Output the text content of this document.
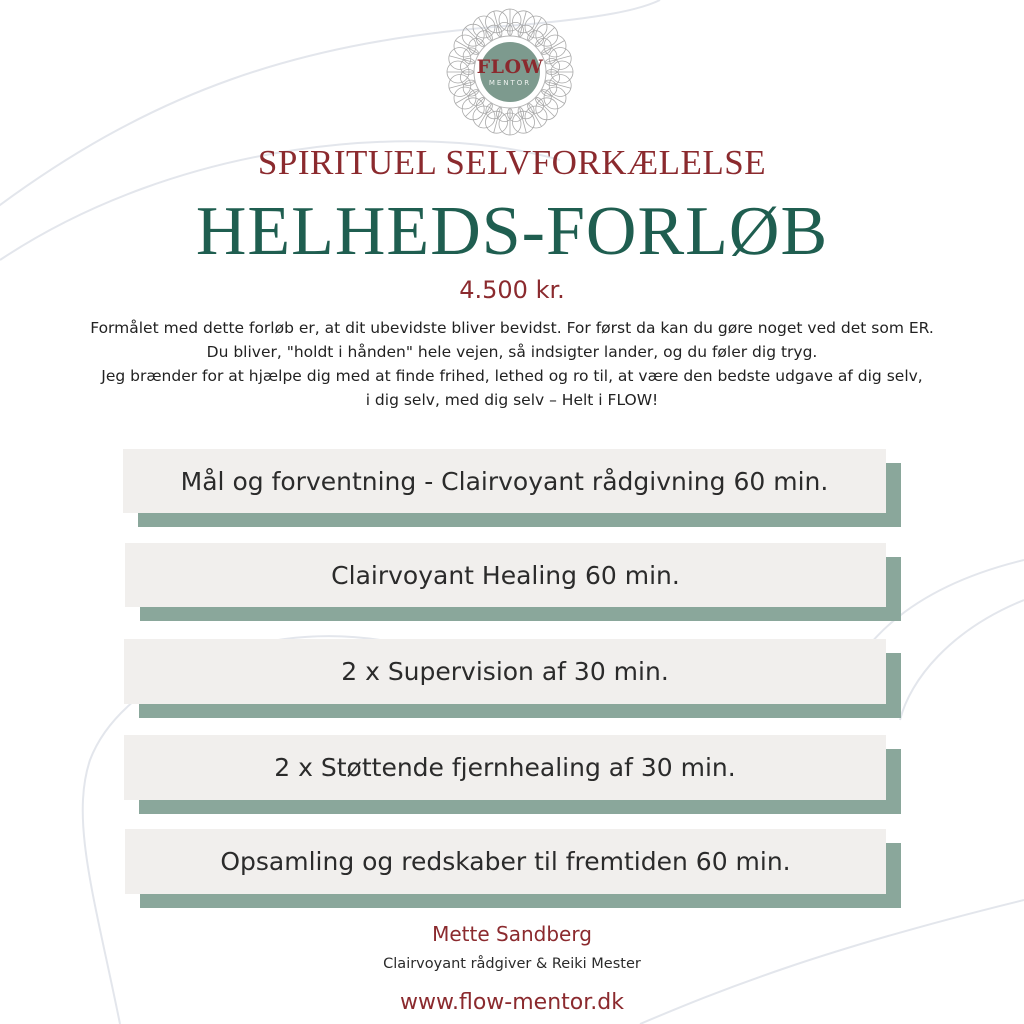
FLOW
MENTOR
SPIRITUEL SELVFORKÆLELSE
HELHEDS-FORLØB
4.500 kr.
Formålet med dette forløb er, at dit ubevidste bliver bevidst. For først da kan du gøre noget ved det som ER.
Du bliver, "holdt i hånden" hele vejen, så indsigter lander, og du føler dig tryg.
Jeg brænder for at hjælpe dig med at finde frihed, lethed og ro til, at være den bedste udgave af dig selv,
i dig selv, med dig selv – Helt i FLOW!
Mål og forventning - Clairvoyant rådgivning 60 min.
Clairvoyant Healing 60 min.
2 x Supervision af 30 min.
2 x Støttende fjernhealing af 30 min.
Opsamling og redskaber til fremtiden 60 min.
Mette Sandberg
Clairvoyant rådgiver & Reiki Mester
www.flow-mentor.dk
